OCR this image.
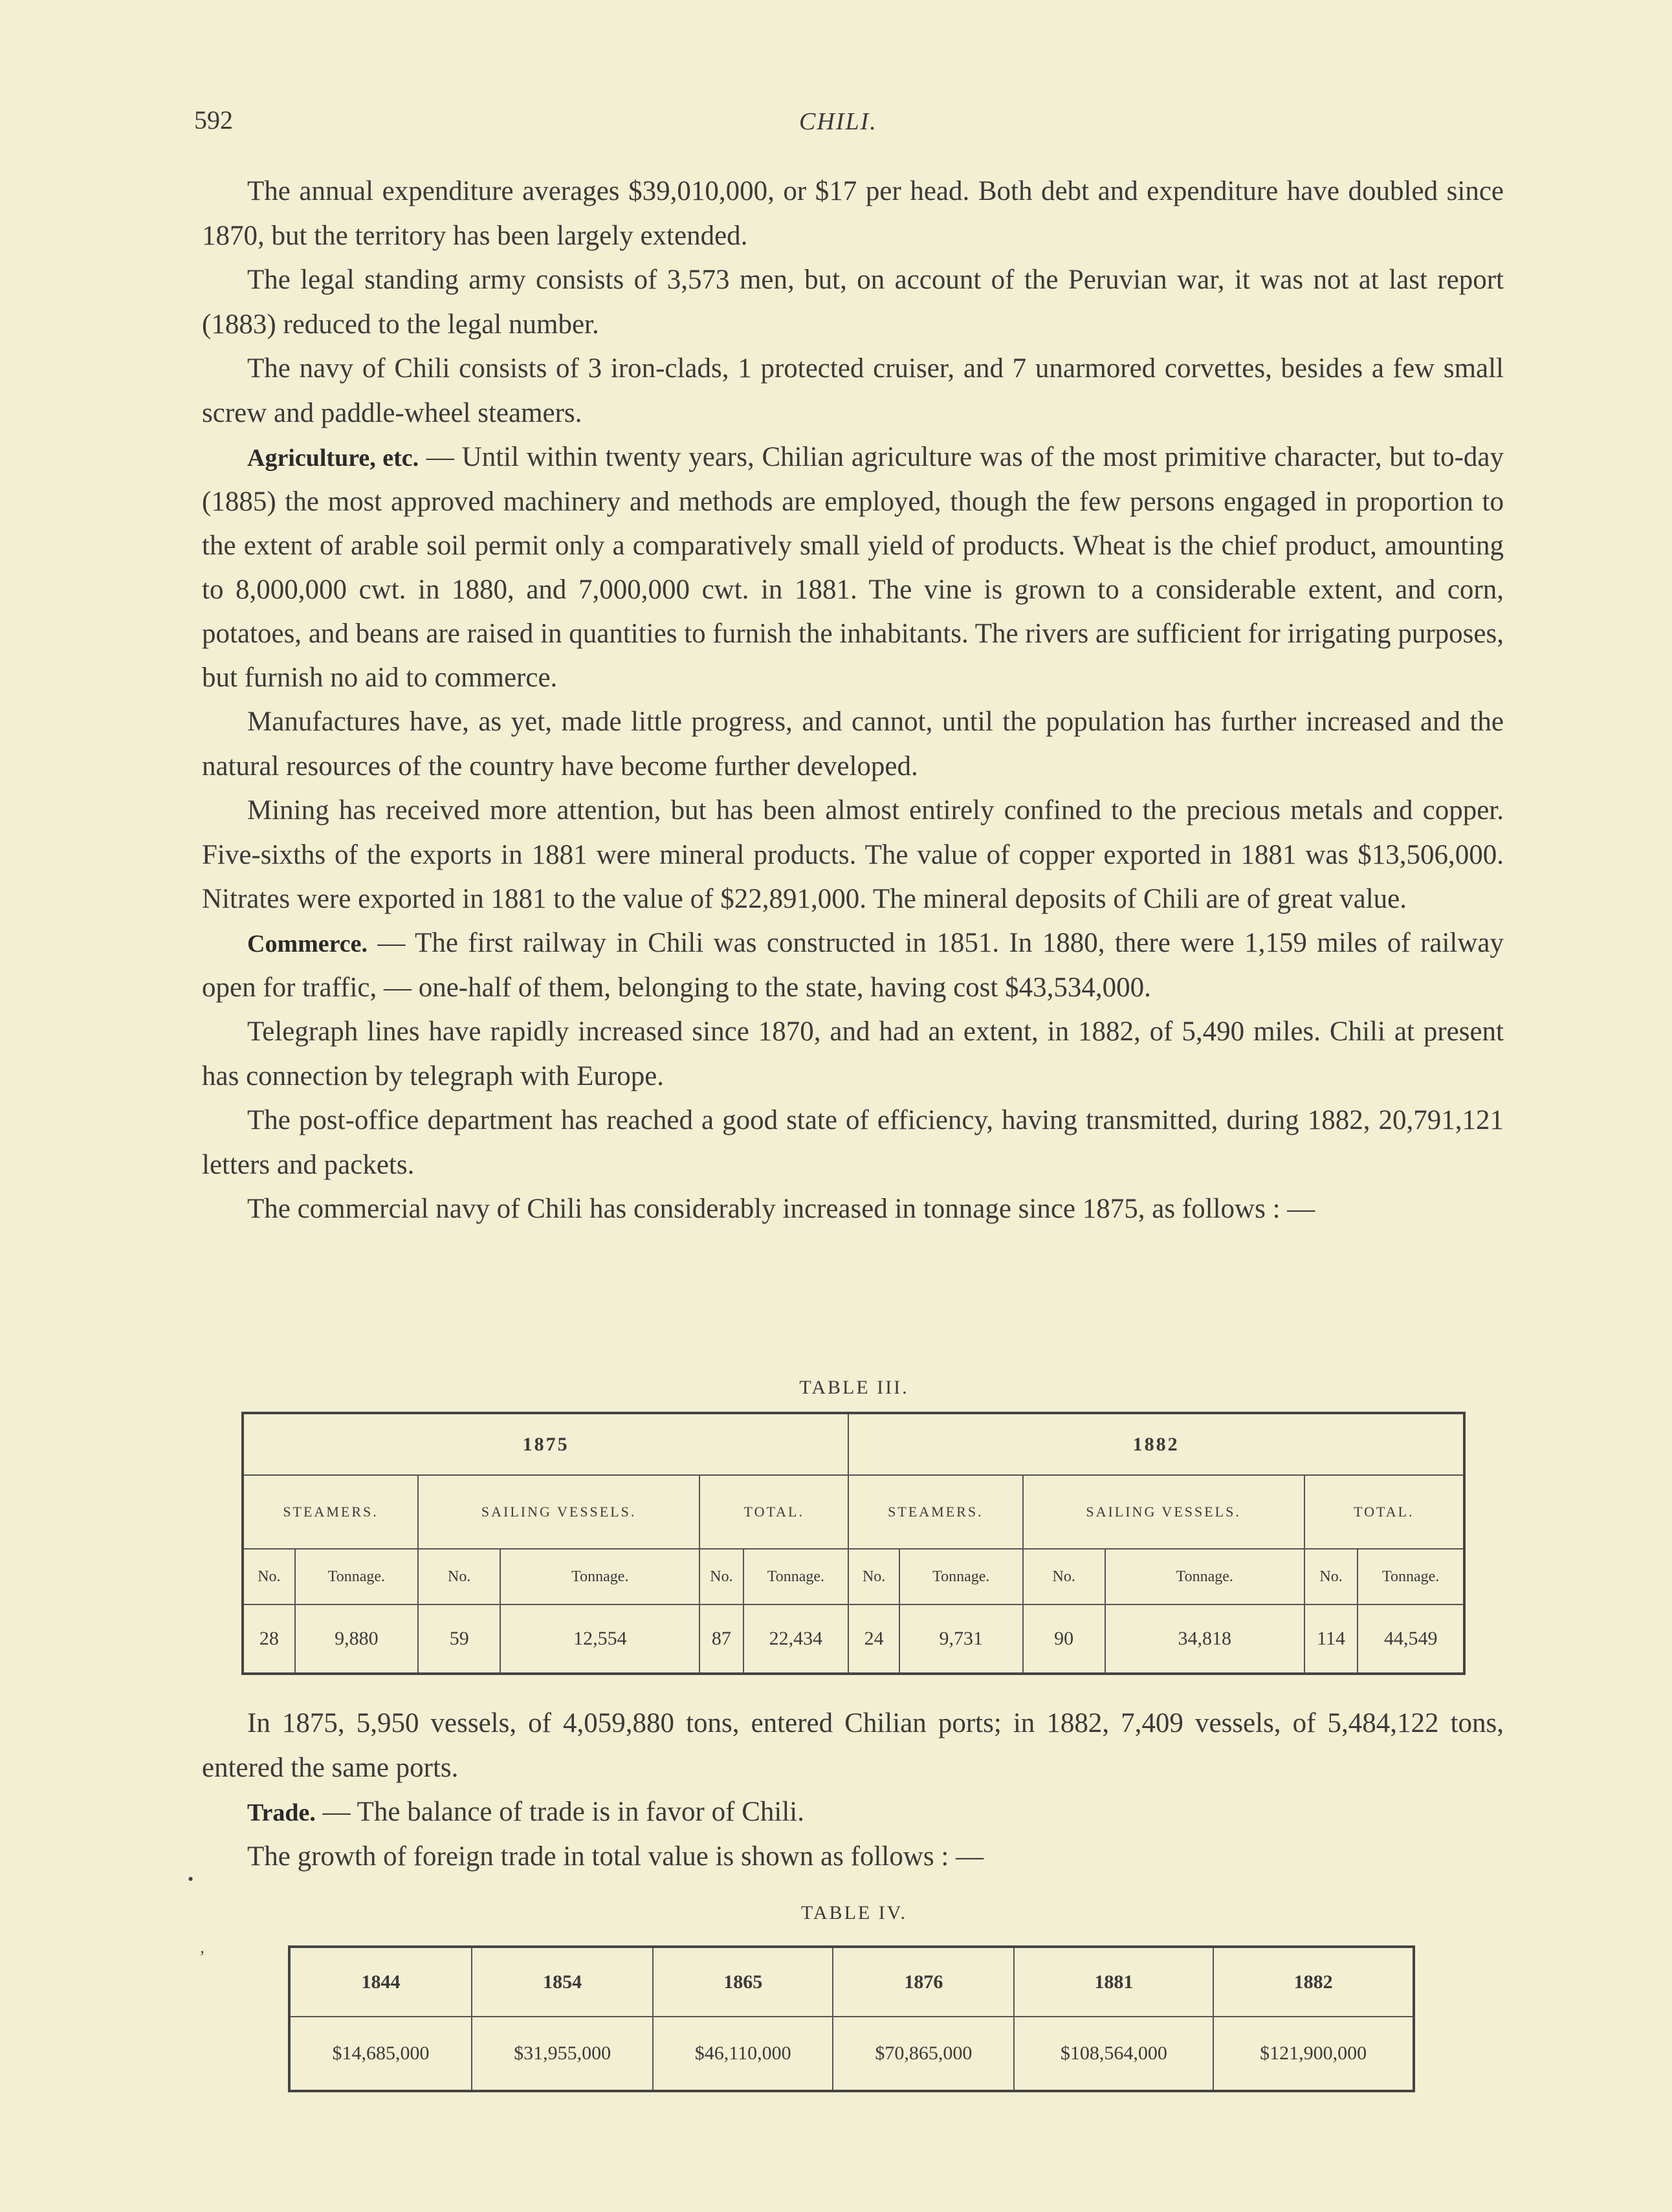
592	CHILI.

The annual expenditure averages $39,010,000, or $17 per head. Both debt and expenditure have doubled since 1870, but the territory has been largely extended.

The legal standing army consists of 3,573 men, but, on account of the Peruvian war, it was not at last report (1883) reduced to the legal number.

The navy of Chili consists of 3 iron-clads, 1 protected cruiser, and 7 unarmored corvettes, besides a few small screw and paddle-wheel steamers.

Agriculture, etc. — Until within twenty years, Chilian agriculture was of the most primitive character, but to-day (1885) the most approved machinery and methods are employed, though the few persons engaged in proportion to the extent of arable soil permit only a comparatively small yield of products. Wheat is the chief product, amounting to 8,000,000 cwt. in 1880, and 7,000,000 cwt. in 1881. The vine is grown to a considerable extent, and corn, potatoes, and beans are raised in quantities to furnish the inhabitants. The rivers are sufficient for irrigating purposes, but furnish no aid to commerce.

Manufactures have, as yet, made little progress, and cannot, until the population has further increased and the natural resources of the country have become further developed.

Mining has received more attention, but has been almost entirely confined to the precious metals and copper. Five-sixths of the exports in 1881 were mineral products. The value of copper exported in 1881 was $13,506,000. Nitrates were exported in 1881 to the value of $22,891,000. The mineral deposits of Chili are of great value.

Commerce. — The first railway in Chili was constructed in 1851. In 1880, there were 1,159 miles of railway open for traffic, — one-half of them, belonging to the state, having cost $43,534,000.

Telegraph lines have rapidly increased since 1870, and had an extent, in 1882, of 5,490 miles. Chili at present has connection by telegraph with Europe.

The post-office department has reached a good state of efficiency, having transmitted, during 1882, 20,791,121 letters and packets.

The commercial navy of Chili has considerably increased in tonnage since 1875, as follows : —

TABLE III.
1875						1882					
STEAMERS.		SAILING VESSELS.		TOTAL.		STEAMERS.		SAILING VESSELS.		TOTAL.	
No.	Tonnage.	No.	Tonnage.	No.	Tonnage.	No.	Tonnage.	No.	Tonnage.	No.	Tonnage.
28	9,880	59	12,554	87	22,434	24	9,731	90	34,818	114	44,549

In 1875, 5,950 vessels, of 4,059,880 tons, entered Chilian ports; in 1882, 7,409 vessels, of 5,484,122 tons, entered the same ports.

Trade. — The balance of trade is in favor of Chili.

The growth of foreign trade in total value is shown as follows : —

TABLE IV.
1844	1854	1865	1876	1881	1882
$14,685,000	$31,955,000	$46,110,000	$70,865,000	$108,564,000	$121,900,000
•
’
